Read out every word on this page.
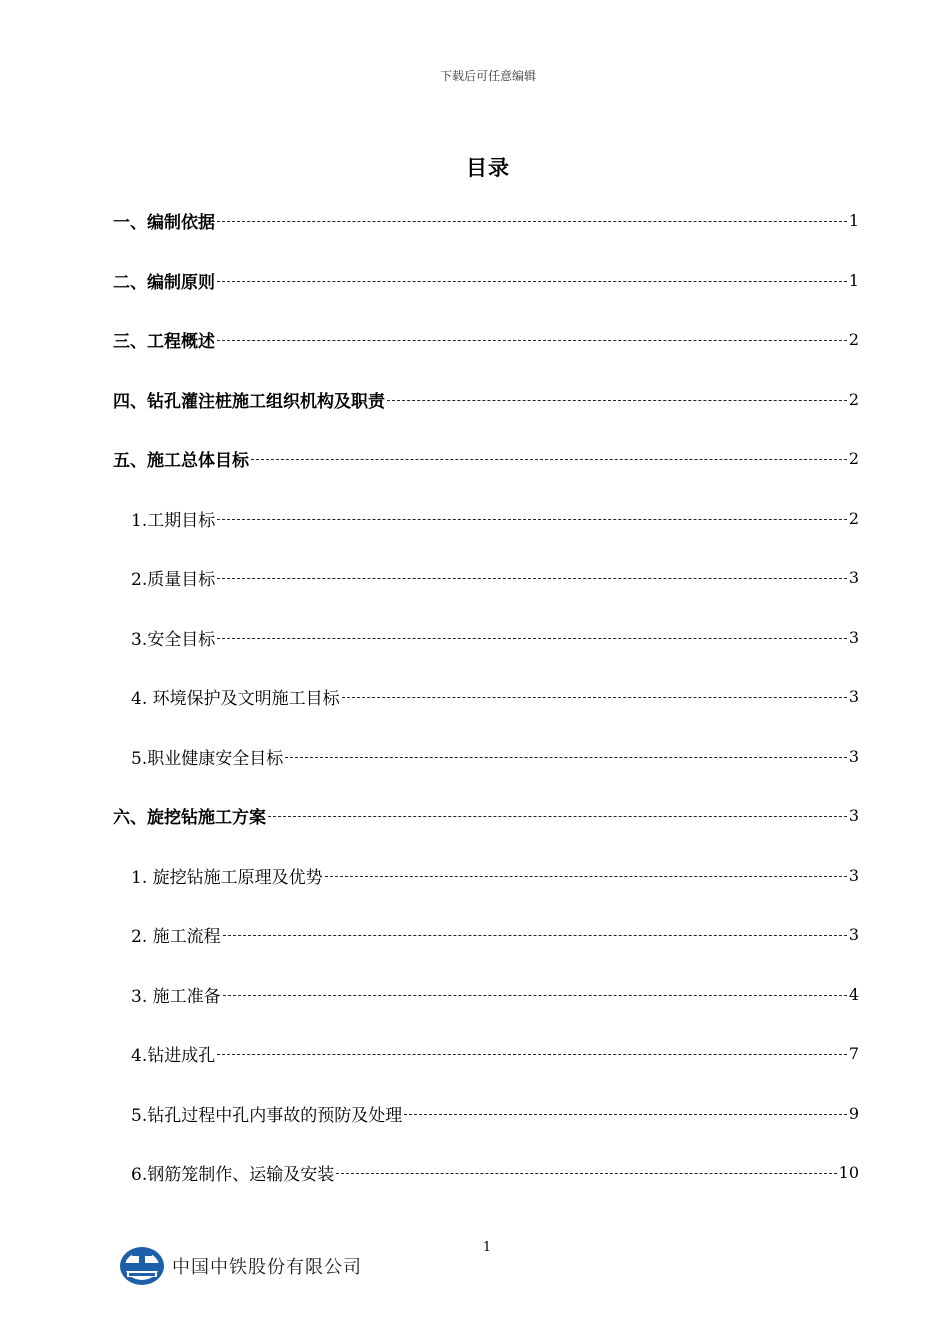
下载后可任意编辑
目录
一、编制依据	1
二、编制原则	1
三、工程概述	2
四、钻孔灌注桩施工组织机构及职责	2
五、施工总体目标	2
1.工期目标	2
2.质量目标	3
3.安全目标	3
4. 环境保护及文明施工目标	3
5.职业健康安全目标	3
六、旋挖钻施工方案	3
1. 旋挖钻施工原理及优势	3
2. 施工流程	3
3. 施工准备	4
4.钻进成孔	7
5.钻孔过程中孔内事故的预防及处理	9
6.钢筋笼制作、运输及安装	10
1
中国中铁股份有限公司
